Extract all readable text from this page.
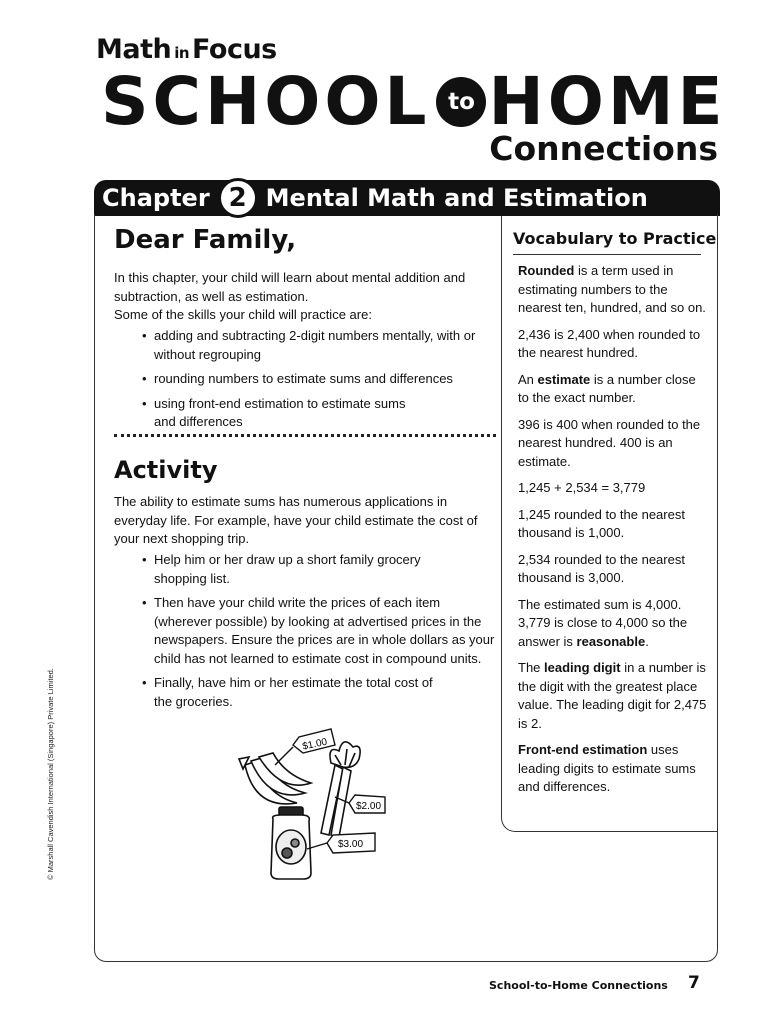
Math in Focus
SCHOOL to HOME
Connections
Chapter 2 Mental Math and Estimation
Dear Family,
In this chapter, your child will learn about mental addition and subtraction, as well as estimation.
Some of the skills your child will practice are:
• adding and subtracting 2-digit numbers mentally, with or without regrouping
• rounding numbers to estimate sums and differences
• using front-end estimation to estimate sums and differences
Activity
The ability to estimate sums has numerous applications in everyday life. For example, have your child estimate the cost of your next shopping trip.
• Help him or her draw up a short family grocery shopping list.
• Then have your child write the prices of each item (wherever possible) by looking at advertised prices in the newspapers. Ensure the prices are in whole dollars as your child has not learned to estimate cost in compound units.
• Finally, have him or her estimate the total cost of the groceries.
$1.00
$2.00
$3.00
Vocabulary to Practice

Rounded is a term used in estimating numbers to the nearest ten, hundred, and so on.

2,436 is 2,400 when rounded to the nearest hundred.

An estimate is a number close to the exact number.

396 is 400 when rounded to the nearest hundred. 400 is an estimate.

1,245 + 2,534 = 3,779

1,245 rounded to the nearest thousand is 1,000.

2,534 rounded to the nearest thousand is 3,000.

The estimated sum is 4,000. 3,779 is close to 4,000 so the answer is reasonable.

The leading digit in a number is the digit with the greatest place value. The leading digit for 2,475 is 2.

Front-end estimation uses leading digits to estimate sums and differences.

© Marshall Cavendish International (Singapore) Private Limited.
School-to-Home Connections 7
